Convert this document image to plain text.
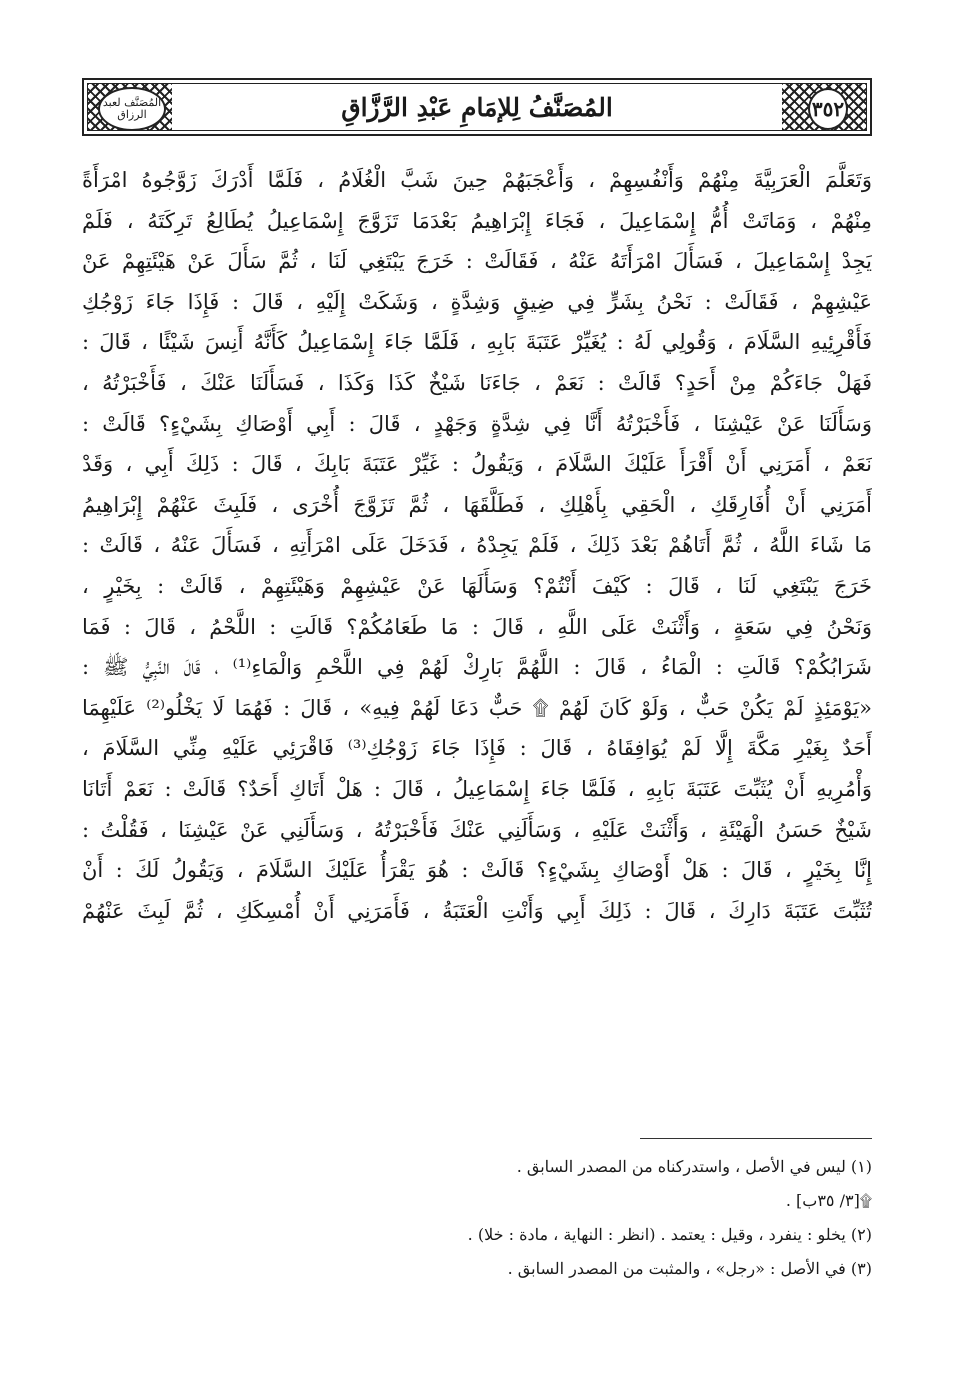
المُصَنَّف لعبد الرزاق	المُصَنَّفُ لِلإمَامِ عَبْدِ الرَّزَّاقِ	٣٥٢
وَتَعَلَّمَ الْعَرَبِيَّةَ مِنْهُمْ وَأَنْفُسِهِمْ ، وَأَعْجَبَهُمْ حِينَ شَبَّ الْغُلَامُ ، فَلَمَّا أَدْرَكَ زَوَّجُوهُ امْرَأَةً
مِنْهُمْ ، وَمَاتَتْ أُمُّ إِسْمَاعِيلَ ، فَجَاءَ إِبْرَاهِيمُ بَعْدَمَا تَزَوَّجَ إِسْمَاعِيلُ يُطَالِعُ تَرِكَتَهُ ، فَلَمْ
يَجِدْ إِسْمَاعِيلَ ، فَسَأَلَ امْرَأَتَهُ عَنْهُ ، فَقَالَتْ : خَرَجَ يَبْتَغِي لَنَا ، ثُمَّ سَأَلَ عَنْ هَيْئَتِهِمْ عَنْ
عَيْشِهِمْ ، فَقَالَتْ : نَحْنُ بِشَرٍّ فِي ضِيقٍ وَشِدَّةٍ ، وَشَكَتْ إِلَيْهِ ، قَالَ : فَإِذَا جَاءَ زَوْجُكِ
فَأَقْرِئِيهِ السَّلَامَ ، وَقُولِي لَهُ : يُغَيِّرْ عَتَبَةَ بَابِهِ ، فَلَمَّا جَاءَ إِسْمَاعِيلُ كَأَنَّهُ أَنِسَ شَيْئًا ، قَالَ :
فَهَلْ جَاءَكُمْ مِنْ أَحَدٍ؟ قَالَتْ : نَعَمْ ، جَاءَنَا شَيْخٌ كَذَا وَكَذَا ، فَسَأَلَنَا عَنْكَ ، فَأَخْبَرْتُهُ ،
وَسَأَلَنَا عَنْ عَيْشِنَا ، فَأَخْبَرْتُهُ أَنَّا فِي شِدَّةٍ وَجَهْدٍ ، قَالَ : أَبِي أَوْصَاكِ بِشَيْءٍ؟ قَالَتْ :
نَعَمْ ، أَمَرَنِي أَنْ أَقْرَأَ عَلَيْكَ السَّلَامَ ، وَيَقُولُ : غَيِّرْ عَتَبَةَ بَابِكَ ، قَالَ : ذَلِكَ أَبِي ، وَقَدْ
أَمَرَنِي أَنْ أُفَارِقَكِ ، الْحَقِي بِأَهْلِكِ ، فَطَلَّقَهَا ، ثُمَّ تَزَوَّجَ أُخْرَى ، فَلَبِثَ عَنْهُمْ إِبْرَاهِيمُ
مَا شَاءَ اللَّهُ ، ثُمَّ أَتَاهُمْ بَعْدَ ذَلِكَ ، فَلَمْ يَجِدْهُ ، فَدَخَلَ عَلَى امْرَأَتِهِ ، فَسَأَلَ عَنْهُ ، قَالَتْ :
خَرَجَ يَبْتَغِي لَنَا ، قَالَ : كَيْفَ أَنْتُمْ؟ وَسَأَلَهَا عَنْ عَيْشِهِمْ وَهَيْئَتِهِمْ ، قَالَتْ : بِخَيْرٍ ،
وَنَحْنُ فِي سَعَةٍ ، وَأَثْنَتْ عَلَى اللَّهِ ، قَالَ : مَا طَعَامُكُمْ؟ قَالَتِ : اللَّحْمُ ، قَالَ : فَمَا
شَرَابُكُمْ؟ قَالَتِ : الْمَاءُ ، قَالَ : اللَّهُمَّ بَارِكْ لَهُمْ فِي اللَّحْمِ وَالْمَاءِ⁽¹⁾ ، قَالَ النَّبِيُّ ﷺ :
«يَوْمَئِذٍ لَمْ يَكُنْ حَبٌّ ، وَلَوْ كَانَ لَهُمْ ۩ حَبٌّ دَعَا لَهُمْ فِيهِ» ، قَالَ : فَهُمَا لَا يَخْلُو⁽²⁾ عَلَيْهِمَا
أَحَدٌ بِغَيْرِ مَكَّةَ إِلَّا لَمْ يُوَافِقَاهُ ، قَالَ : فَإِذَا جَاءَ زَوْجُكِ⁽³⁾ فَاقْرَئِي عَلَيْهِ مِنِّي السَّلَامَ ،
وَأْمُرِيهِ أَنْ يُثَبِّتَ عَتَبَةَ بَابِهِ ، فَلَمَّا جَاءَ إِسْمَاعِيلُ ، قَالَ : هَلْ أَتَاكِ أَحَدٌ؟ قَالَتْ : نَعَمْ أَتَانَا
شَيْخٌ حَسَنُ الْهَيْئَةِ ، وَأَثْنَتْ عَلَيْهِ ، وَسَأَلَنِي عَنْكَ فَأَخْبَرْتُهُ ، وَسَأَلَنِي عَنْ عَيْشِنَا ، فَقُلْتُ :
إِنَّا بِخَيْرٍ ، قَالَ : هَلْ أَوْصَاكِ بِشَيْءٍ؟ قَالَتْ : هُوَ يَقْرَأُ عَلَيْكَ السَّلَامَ ، وَيَقُولُ لَكَ : أَنْ
تُثَبِّتَ عَتَبَةَ دَارِكَ ، قَالَ : ذَلِكَ أَبِي وَأَنْتِ الْعَتَبَةُ ، فَأَمَرَنِي أَنْ أُمْسِكَكِ ، ثُمَّ لَبِثَ عَنْهُمْ
(١) ليس في الأصل ، واستدركناه من المصدر السابق .
۩[٣/ ٣٥ب] .
(٢) يخلو : ينفرد ، وقيل : يعتمد . (انظر : النهاية ، مادة : خلا) .
(٣) في الأصل : «رجل» ، والمثبت من المصدر السابق .
